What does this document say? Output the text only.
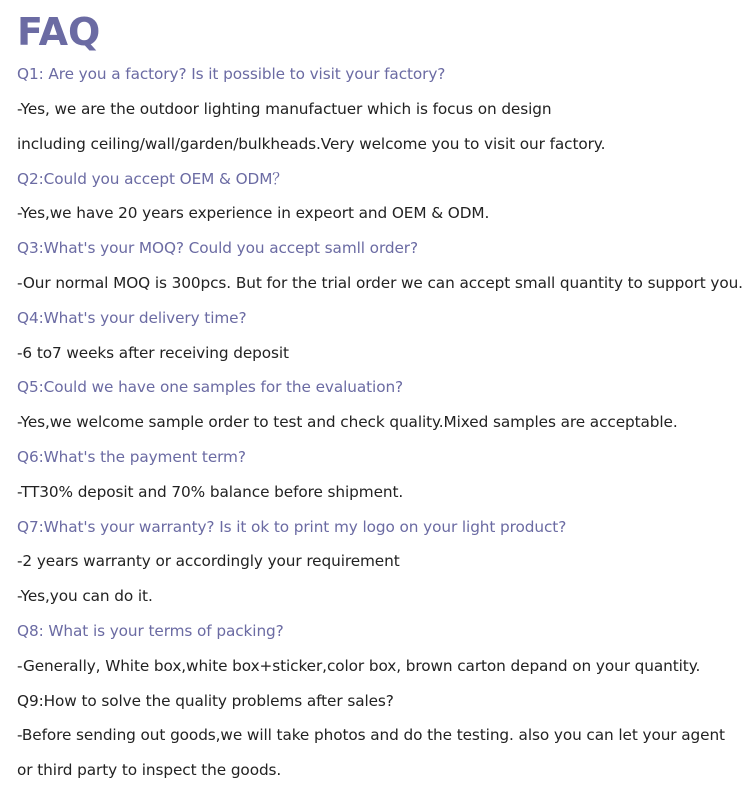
FAQ
Q1: Are you a factory? Is it possible to visit your factory?
-Yes, we are the outdoor lighting manufactuer which is focus on design
including ceiling/wall/garden/bulkheads.Very welcome you to visit our factory.
Q2:Could you accept OEM & ODM？
-Yes,we have 20 years experience in expeort and OEM & ODM.
Q3:What's your MOQ? Could you accept samll order?
-Our normal MOQ is 300pcs. But for the trial order we can accept small quantity to support you.
Q4:What's your delivery time?
-6 to7 weeks after receiving deposit
Q5:Could we have one samples for the evaluation?
-Yes,we welcome sample order to test and check quality.Mixed samples are acceptable.
Q6:What's the payment term?
-TT30% deposit and 70% balance before shipment.
Q7:What's your warranty? Is it ok to print my logo on your light product?
-2 years warranty or accordingly your requirement
-Yes,you can do it.
Q8: What is your terms of packing?
-Generally, White box,white box+sticker,color box, brown carton depand on your quantity.
Q9:How to solve the quality problems after sales?
-Before sending out goods,we will take photos and do the testing. also you can let your agent
or third party to inspect the goods.
